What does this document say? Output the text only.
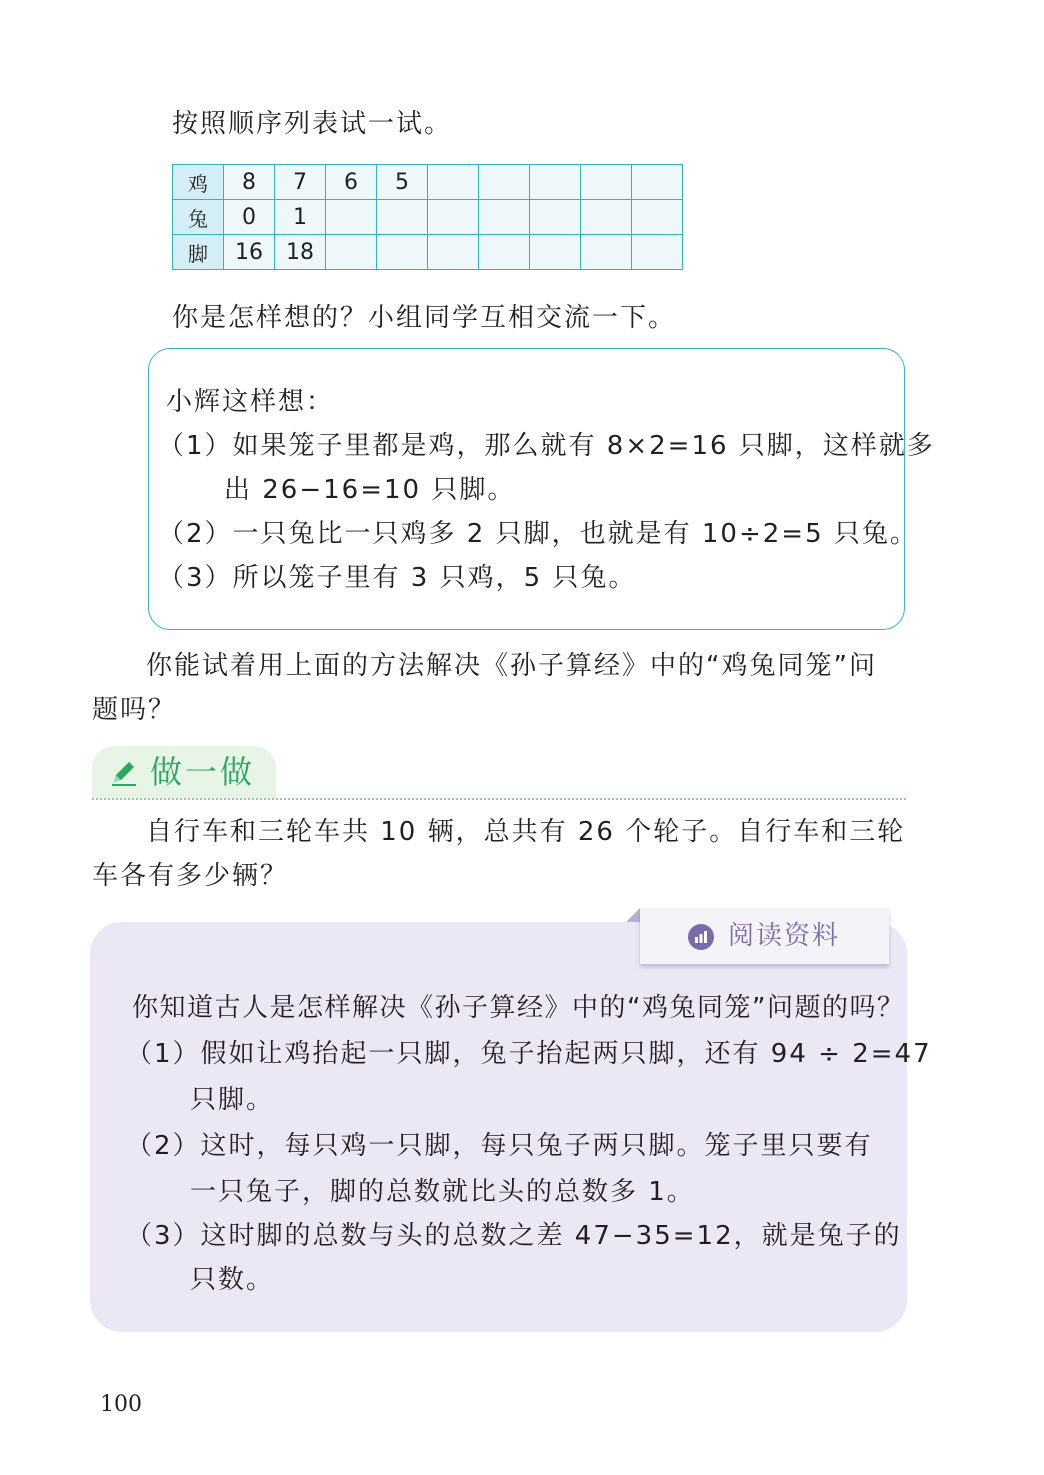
按照顺序列表试一试。
鸡	8	7	6	5					
兔	0	1							
脚	16	18							
你是怎样想的？小组同学互相交流一下。
小辉这样想：
（1）如果笼子里都是鸡，那么就有 8×2=16 只脚，这样就多
出 26−16=10 只脚。
（2）一只兔比一只鸡多 2 只脚，也就是有 10÷2=5 只兔。
（3）所以笼子里有 3 只鸡，5 只兔。
你能试着用上面的方法解决《孙子算经》中的“鸡兔同笼”问
题吗？
做一做
自行车和三轮车共 10 辆，总共有 26 个轮子。自行车和三轮
车各有多少辆？
阅读资料
你知道古人是怎样解决《孙子算经》中的“鸡兔同笼”问题的吗？
（1）假如让鸡抬起一只脚，兔子抬起两只脚，还有 94 ÷ 2=47
只脚。
（2）这时，每只鸡一只脚，每只兔子两只脚。笼子里只要有
一只兔子，脚的总数就比头的总数多 1。
（3）这时脚的总数与头的总数之差 47−35=12，就是兔子的
只数。
100
